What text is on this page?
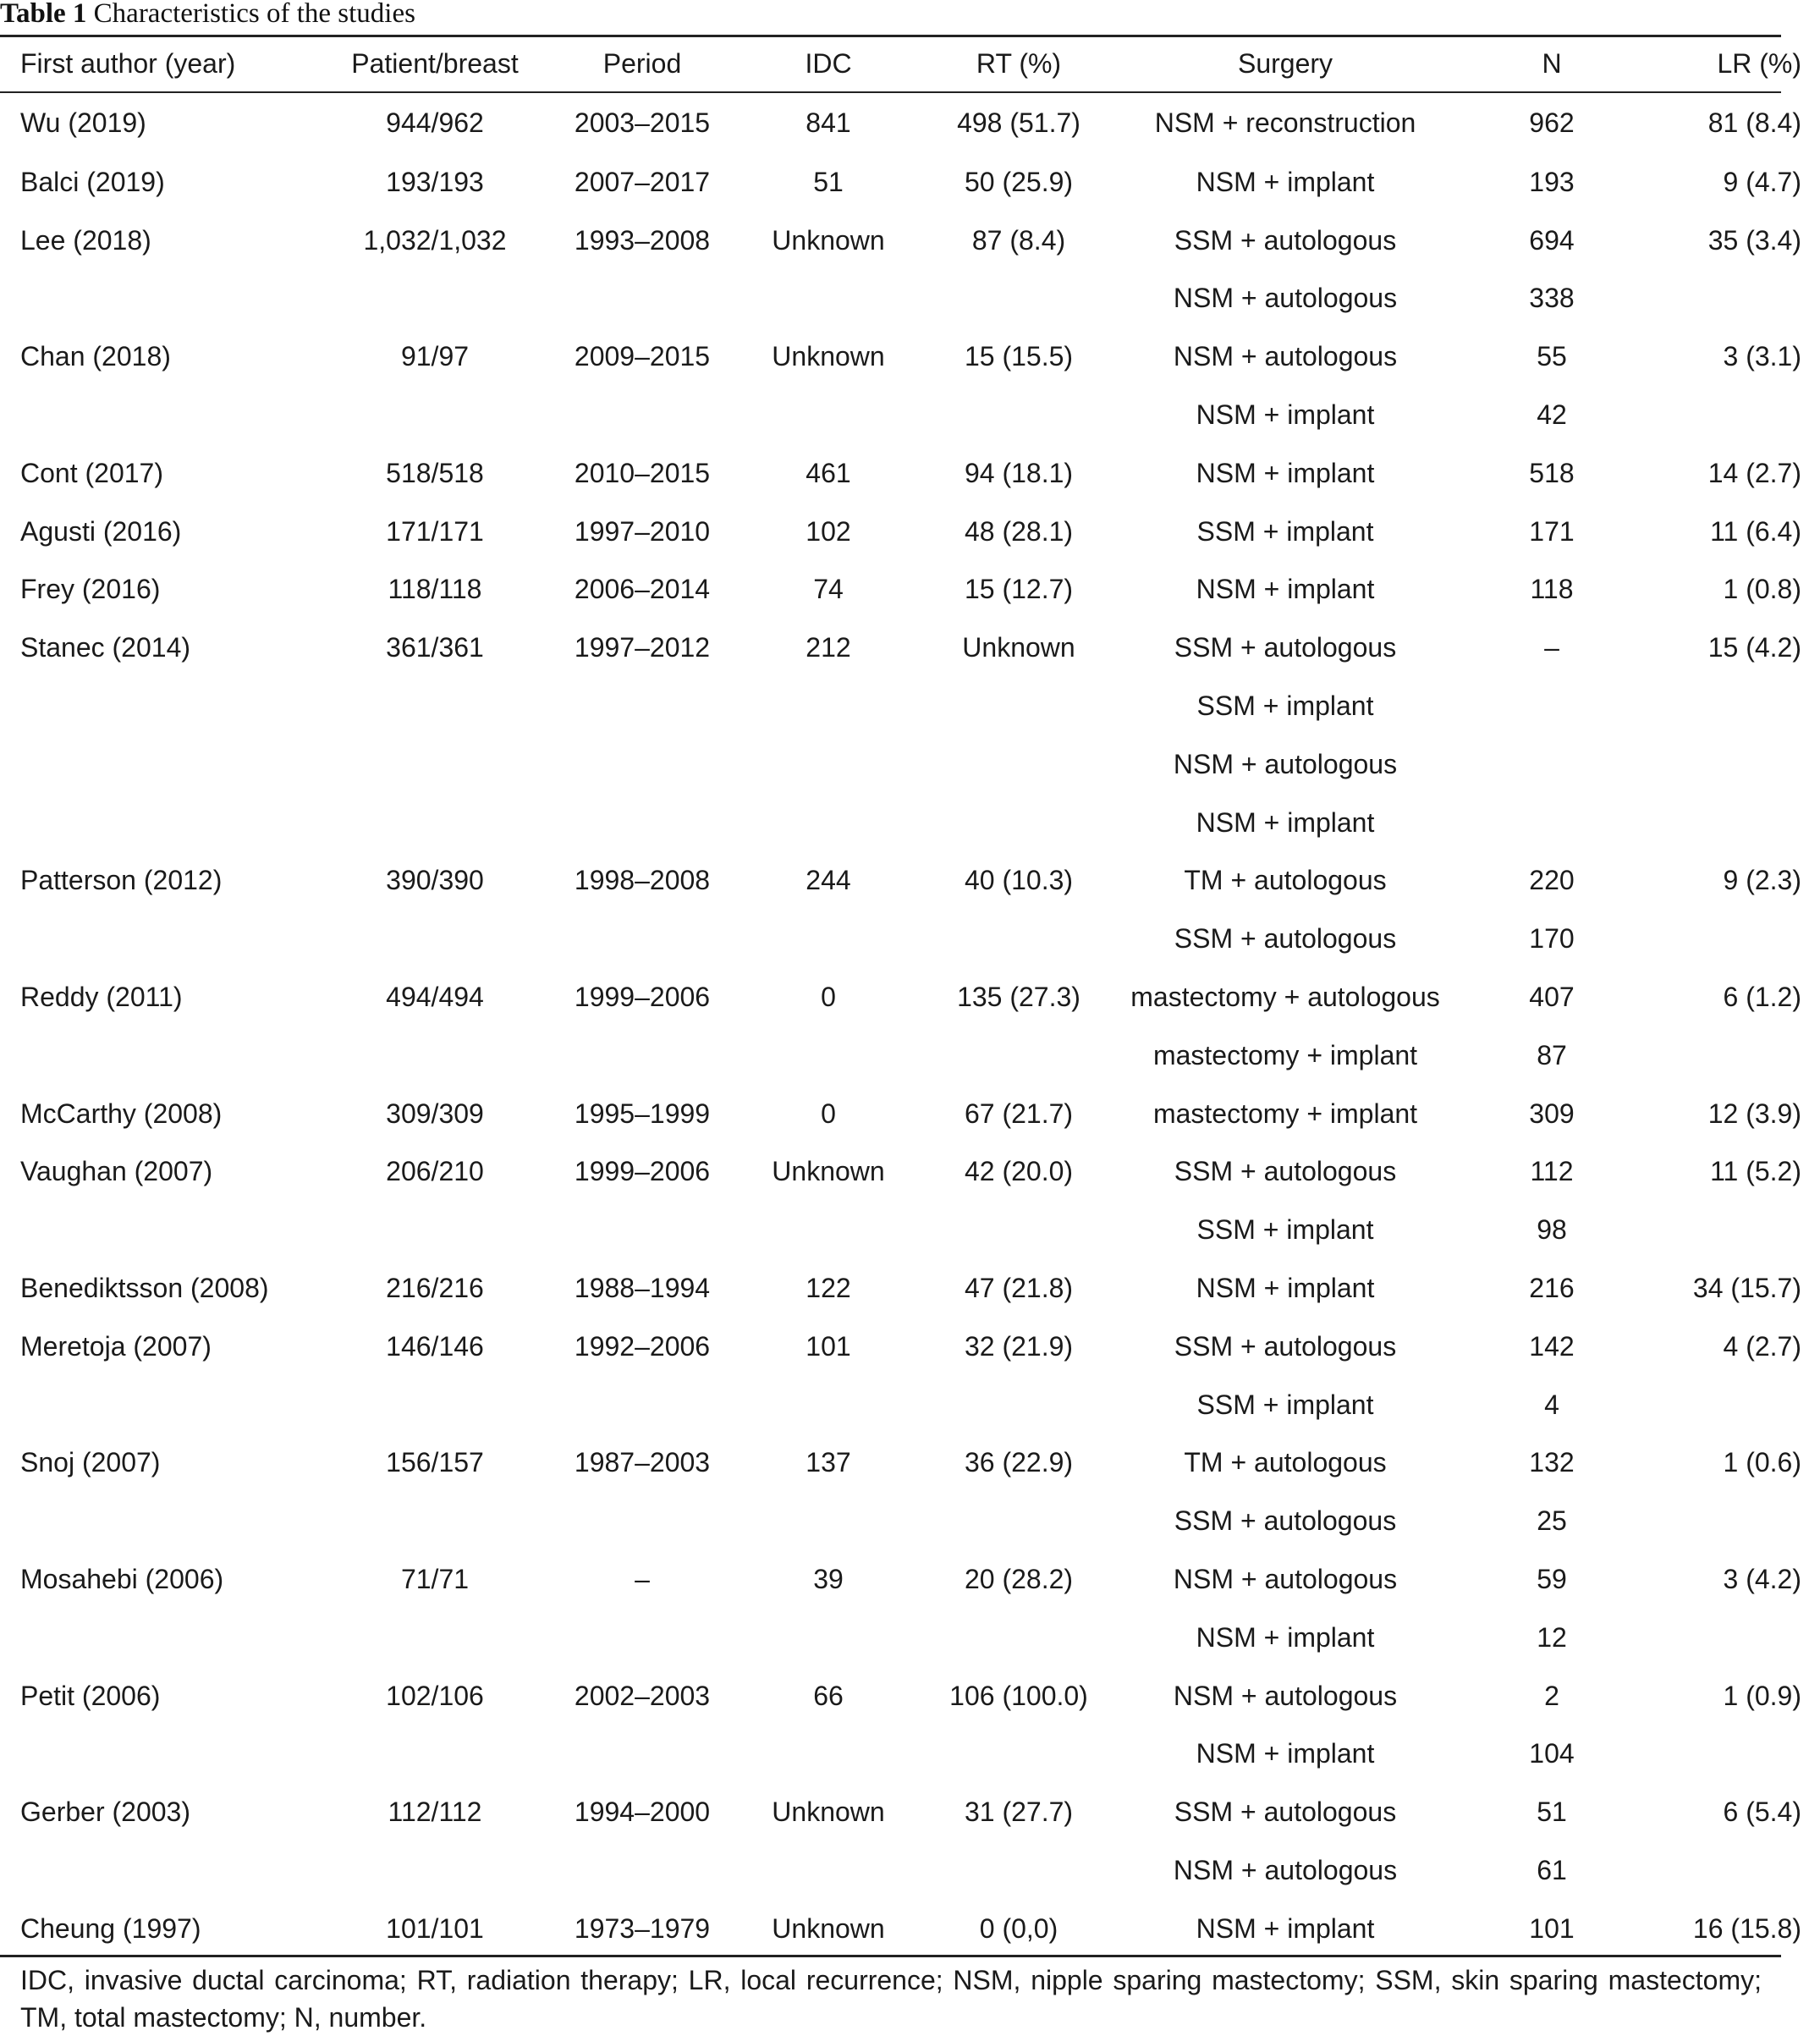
Table 1 Characteristics of the studies
First author (year)	Patient/breast	Period	IDC	RT (%)	Surgery	N	LR (%)
Wu (2019)	944/962	2003–2015	841	498 (51.7)	NSM + reconstruction	962	81 (8.4)
Balci (2019)	193/193	2007–2017	51	50 (25.9)	NSM + implant	193	9 (4.7)
Lee (2018)	1,032/1,032	1993–2008	Unknown	87 (8.4)	SSM + autologous	694	35 (3.4)
					NSM + autologous	338	
Chan (2018)	91/97	2009–2015	Unknown	15 (15.5)	NSM + autologous	55	3 (3.1)
					NSM + implant	42	
Cont (2017)	518/518	2010–2015	461	94 (18.1)	NSM + implant	518	14 (2.7)
Agusti (2016)	171/171	1997–2010	102	48 (28.1)	SSM + implant	171	11 (6.4)
Frey (2016)	118/118	2006–2014	74	15 (12.7)	NSM + implant	118	1 (0.8)
Stanec (2014)	361/361	1997–2012	212	Unknown	SSM + autologous	–	15 (4.2)
					SSM + implant		
					NSM + autologous		
					NSM + implant		
Patterson (2012)	390/390	1998–2008	244	40 (10.3)	TM + autologous	220	9 (2.3)
					SSM + autologous	170	
Reddy (2011)	494/494	1999–2006	0	135 (27.3)	mastectomy + autologous	407	6 (1.2)
					mastectomy + implant	87	
McCarthy (2008)	309/309	1995–1999	0	67 (21.7)	mastectomy + implant	309	12 (3.9)
Vaughan (2007)	206/210	1999–2006	Unknown	42 (20.0)	SSM + autologous	112	11 (5.2)
					SSM + implant	98	
Benediktsson (2008)	216/216	1988–1994	122	47 (21.8)	NSM + implant	216	34 (15.7)
Meretoja (2007)	146/146	1992–2006	101	32 (21.9)	SSM + autologous	142	4 (2.7)
					SSM + implant	4	
Snoj (2007)	156/157	1987–2003	137	36 (22.9)	TM + autologous	132	1 (0.6)
					SSM + autologous	25	
Mosahebi (2006)	71/71	–	39	20 (28.2)	NSM + autologous	59	3 (4.2)
					NSM + implant	12	
Petit (2006)	102/106	2002–2003	66	106 (100.0)	NSM + autologous	2	1 (0.9)
					NSM + implant	104	
Gerber (2003)	112/112	1994–2000	Unknown	31 (27.7)	SSM + autologous	51	6 (5.4)
					NSM + autologous	61	
Cheung (1997)	101/101	1973–1979	Unknown	0 (0,0)	NSM + implant	101	16 (15.8)
IDC, invasive ductal carcinoma; RT, radiation therapy; LR, local recurrence; NSM, nipple sparing mastectomy; SSM, skin sparing mastectomy; TM, total mastectomy; N, number.
